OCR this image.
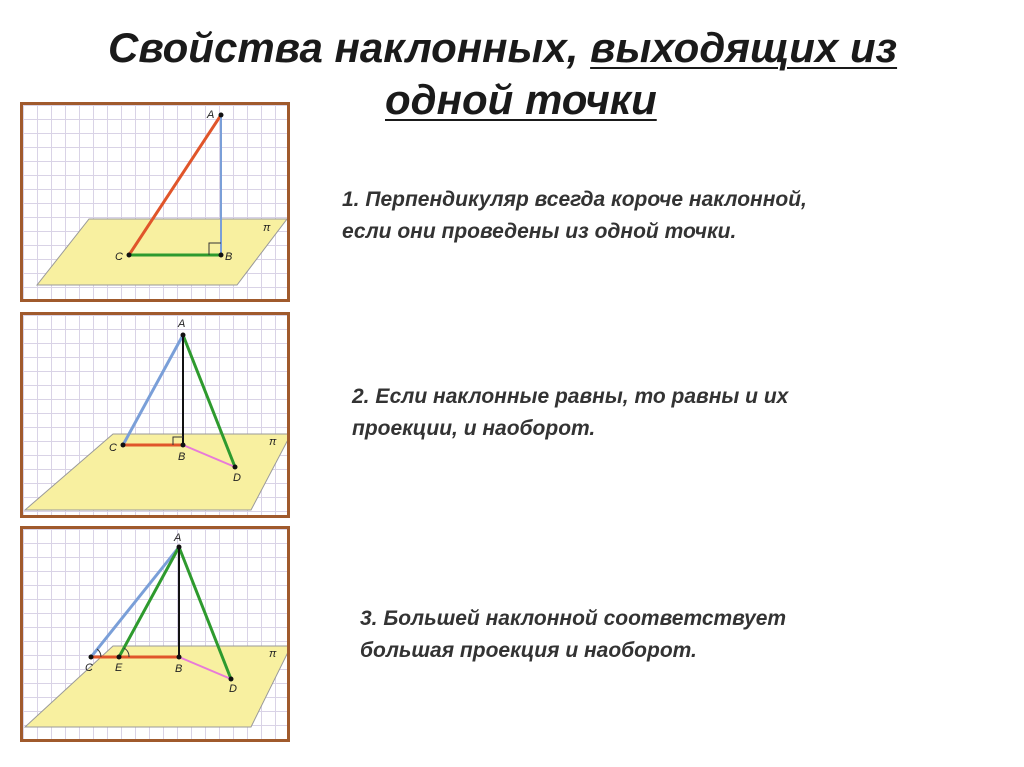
Свойства наклонных, выходящих из
одной точки
A
B
C
π
A
B
C
D
π
A
B
C E
D
π
1. Перпендикуляр всегда короче наклонной,
если они проведены из одной точки.
2. Если наклонные равны, то равны и их
проекции, и наоборот.
3. Большей наклонной соответствует
большая проекция и наоборот.
